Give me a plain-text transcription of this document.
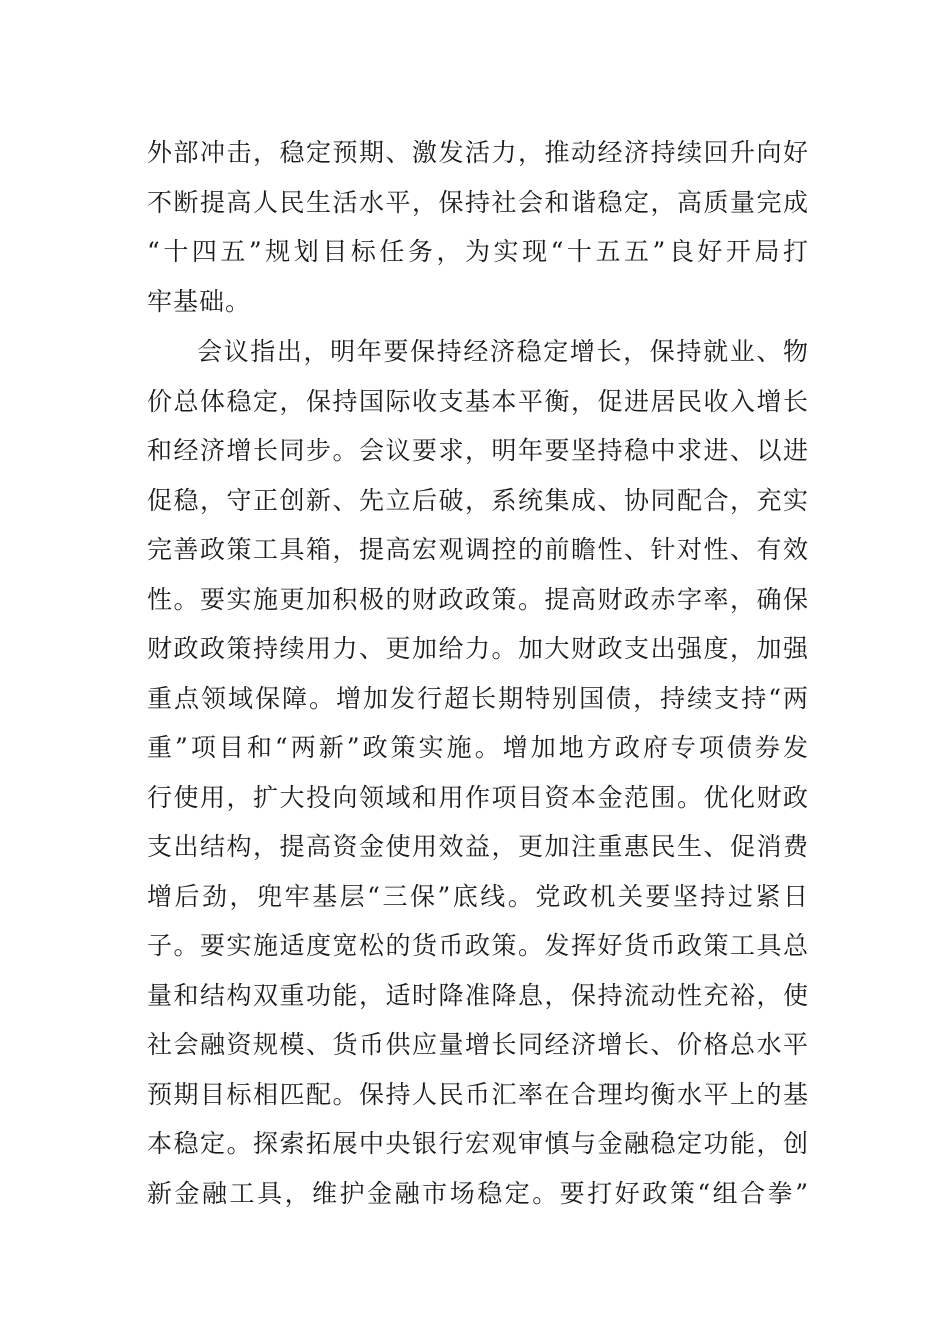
外部冲击，稳定预期、激发活力，推动经济持续回升向好
不断提高人民生活水平，保持社会和谐稳定，高质量完成
“十四五”规划目标任务，为实现“十五五”良好开局打
牢基础。
会议指出，明年要保持经济稳定增长，保持就业、物
价总体稳定，保持国际收支基本平衡，促进居民收入增长
和经济增长同步。会议要求，明年要坚持稳中求进、以进
促稳，守正创新、先立后破，系统集成、协同配合，充实
完善政策工具箱，提高宏观调控的前瞻性、针对性、有效
性。要实施更加积极的财政政策。提高财政赤字率，确保
财政政策持续用力、更加给力。加大财政支出强度，加强
重点领域保障。增加发行超长期特别国债，持续支持“两
重”项目和“两新”政策实施。增加地方政府专项债券发
行使用，扩大投向领域和用作项目资本金范围。优化财政
支出结构，提高资金使用效益，更加注重惠民生、促消费
增后劲，兜牢基层“三保”底线。党政机关要坚持过紧日
子。要实施适度宽松的货币政策。发挥好货币政策工具总
量和结构双重功能，适时降准降息，保持流动性充裕，使
社会融资规模、货币供应量增长同经济增长、价格总水平
预期目标相匹配。保持人民币汇率在合理均衡水平上的基
本稳定。探索拓展中央银行宏观审慎与金融稳定功能，创
新金融工具，维护金融市场稳定。要打好政策“组合拳”
